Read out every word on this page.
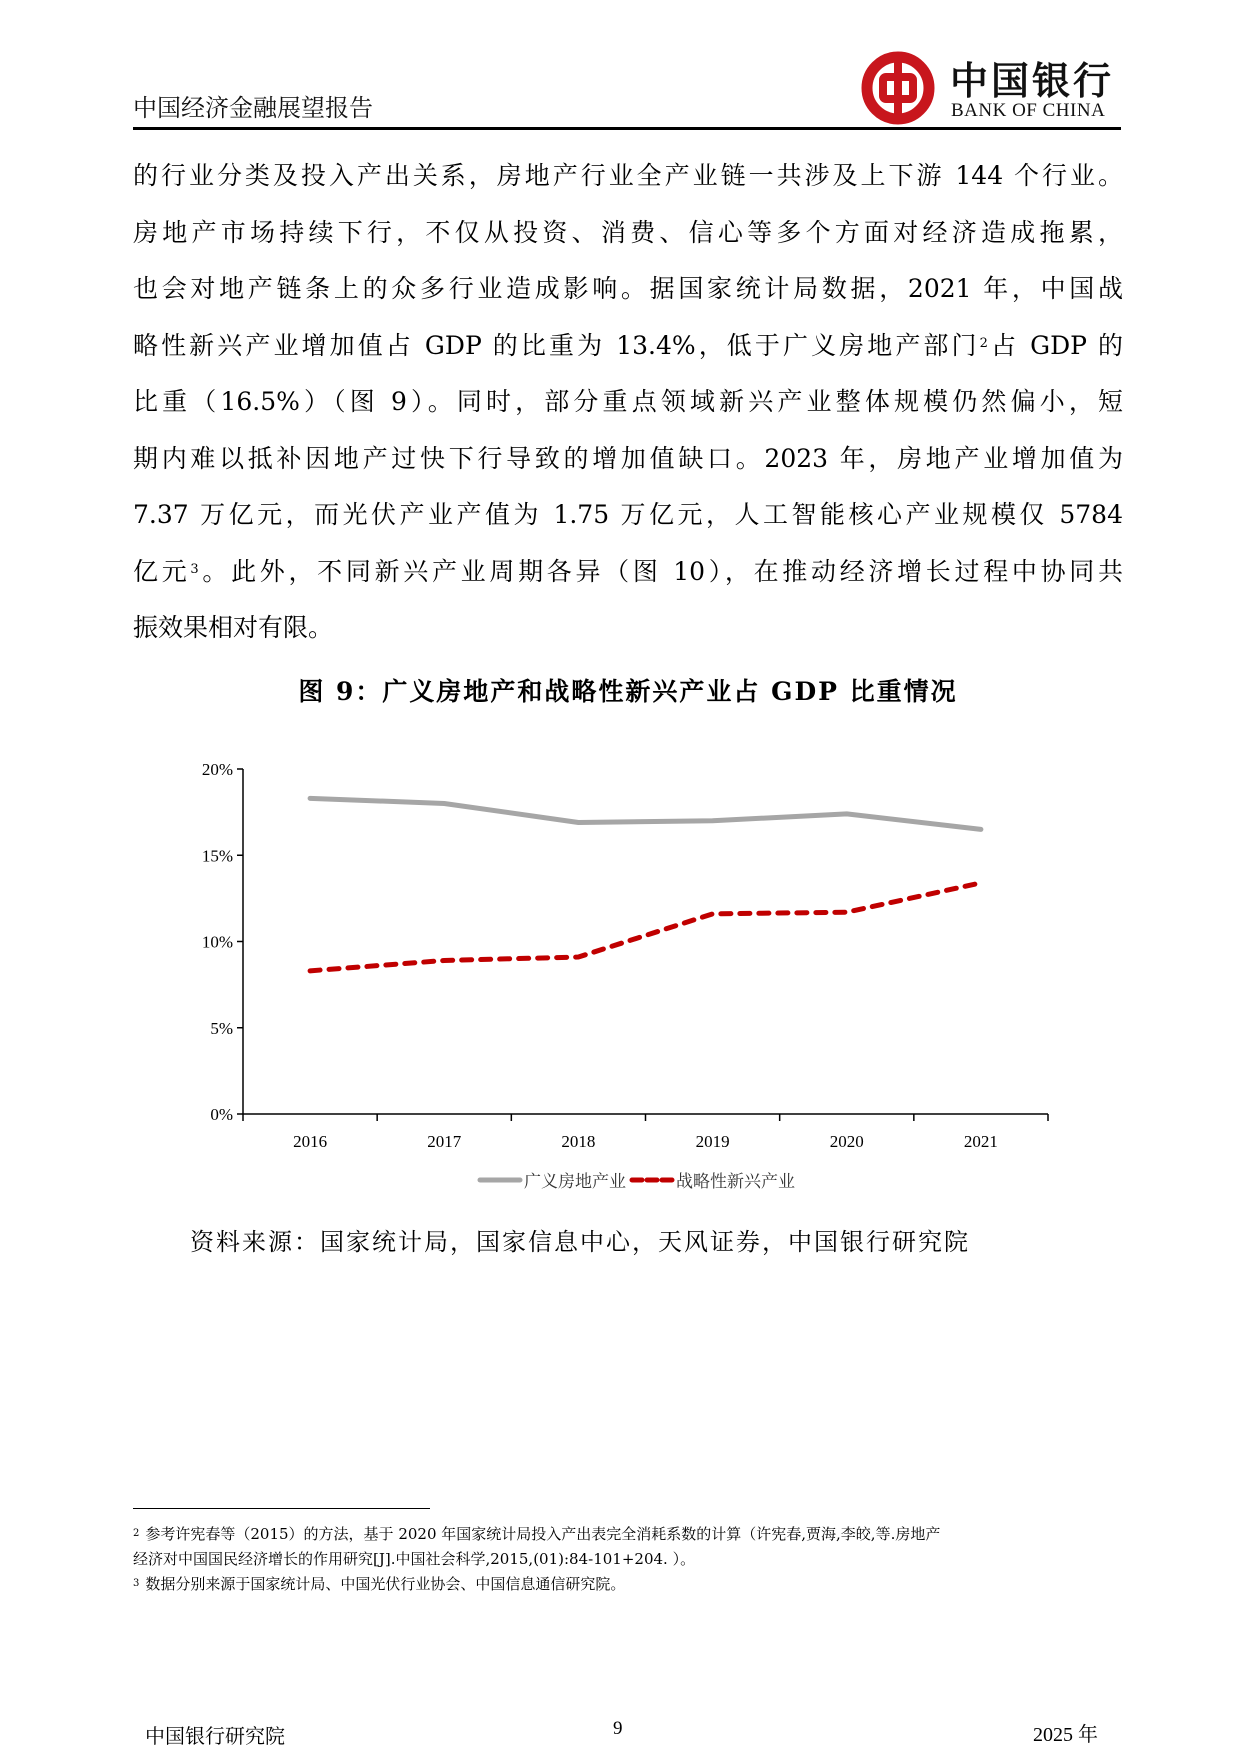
中国经济金融展望报告
中国银行
BANK OF CHINA
的行业分类及投入产出关系，房地产行业全产业链一共涉及上下游 144 个行业。
房地产市场持续下行，不仅从投资、消费、信心等多个方面对经济造成拖累，
也会对地产链条上的众多行业造成影响。据国家统计局数据，2021 年，中国战
略性新兴产业增加值占 GDP 的比重为 13.4%，低于广义房地产部门$^2$占 GDP 的
比重（16.5%）（图 9）。同时，部分重点领域新兴产业整体规模仍然偏小，短
期内难以抵补因地产过快下行导致的增加值缺口。2023 年，房地产业增加值为
7.37 万亿元，而光伏产业产值为 1.75 万亿元，人工智能核心产业规模仅 5784
亿元$^3$。此外，不同新兴产业周期各异（图 10），在推动经济增长过程中协同共
振效果相对有限。
图 9：广义房地产和战略性新兴产业占 GDP 比重情况
0%
5%
10%
15%
20%
2016	2017	2018	2019	2020	2021
广义房地产业	战略性新兴产业
资料来源：国家统计局，国家信息中心，天风证券，中国银行研究院
$^2$ 参考许宪春等（2015）的方法，基于 2020 年国家统计局投入产出表完全消耗系数的计算（许宪春,贾海,李皎,等.房地产
经济对中国国民经济增长的作用研究[J].中国社会科学,2015,(01):84-101+204. ）。
$^3$ 数据分别来源于国家统计局、中国光伏行业协会、中国信息通信研究院。
中国银行研究院	9	2025 年
